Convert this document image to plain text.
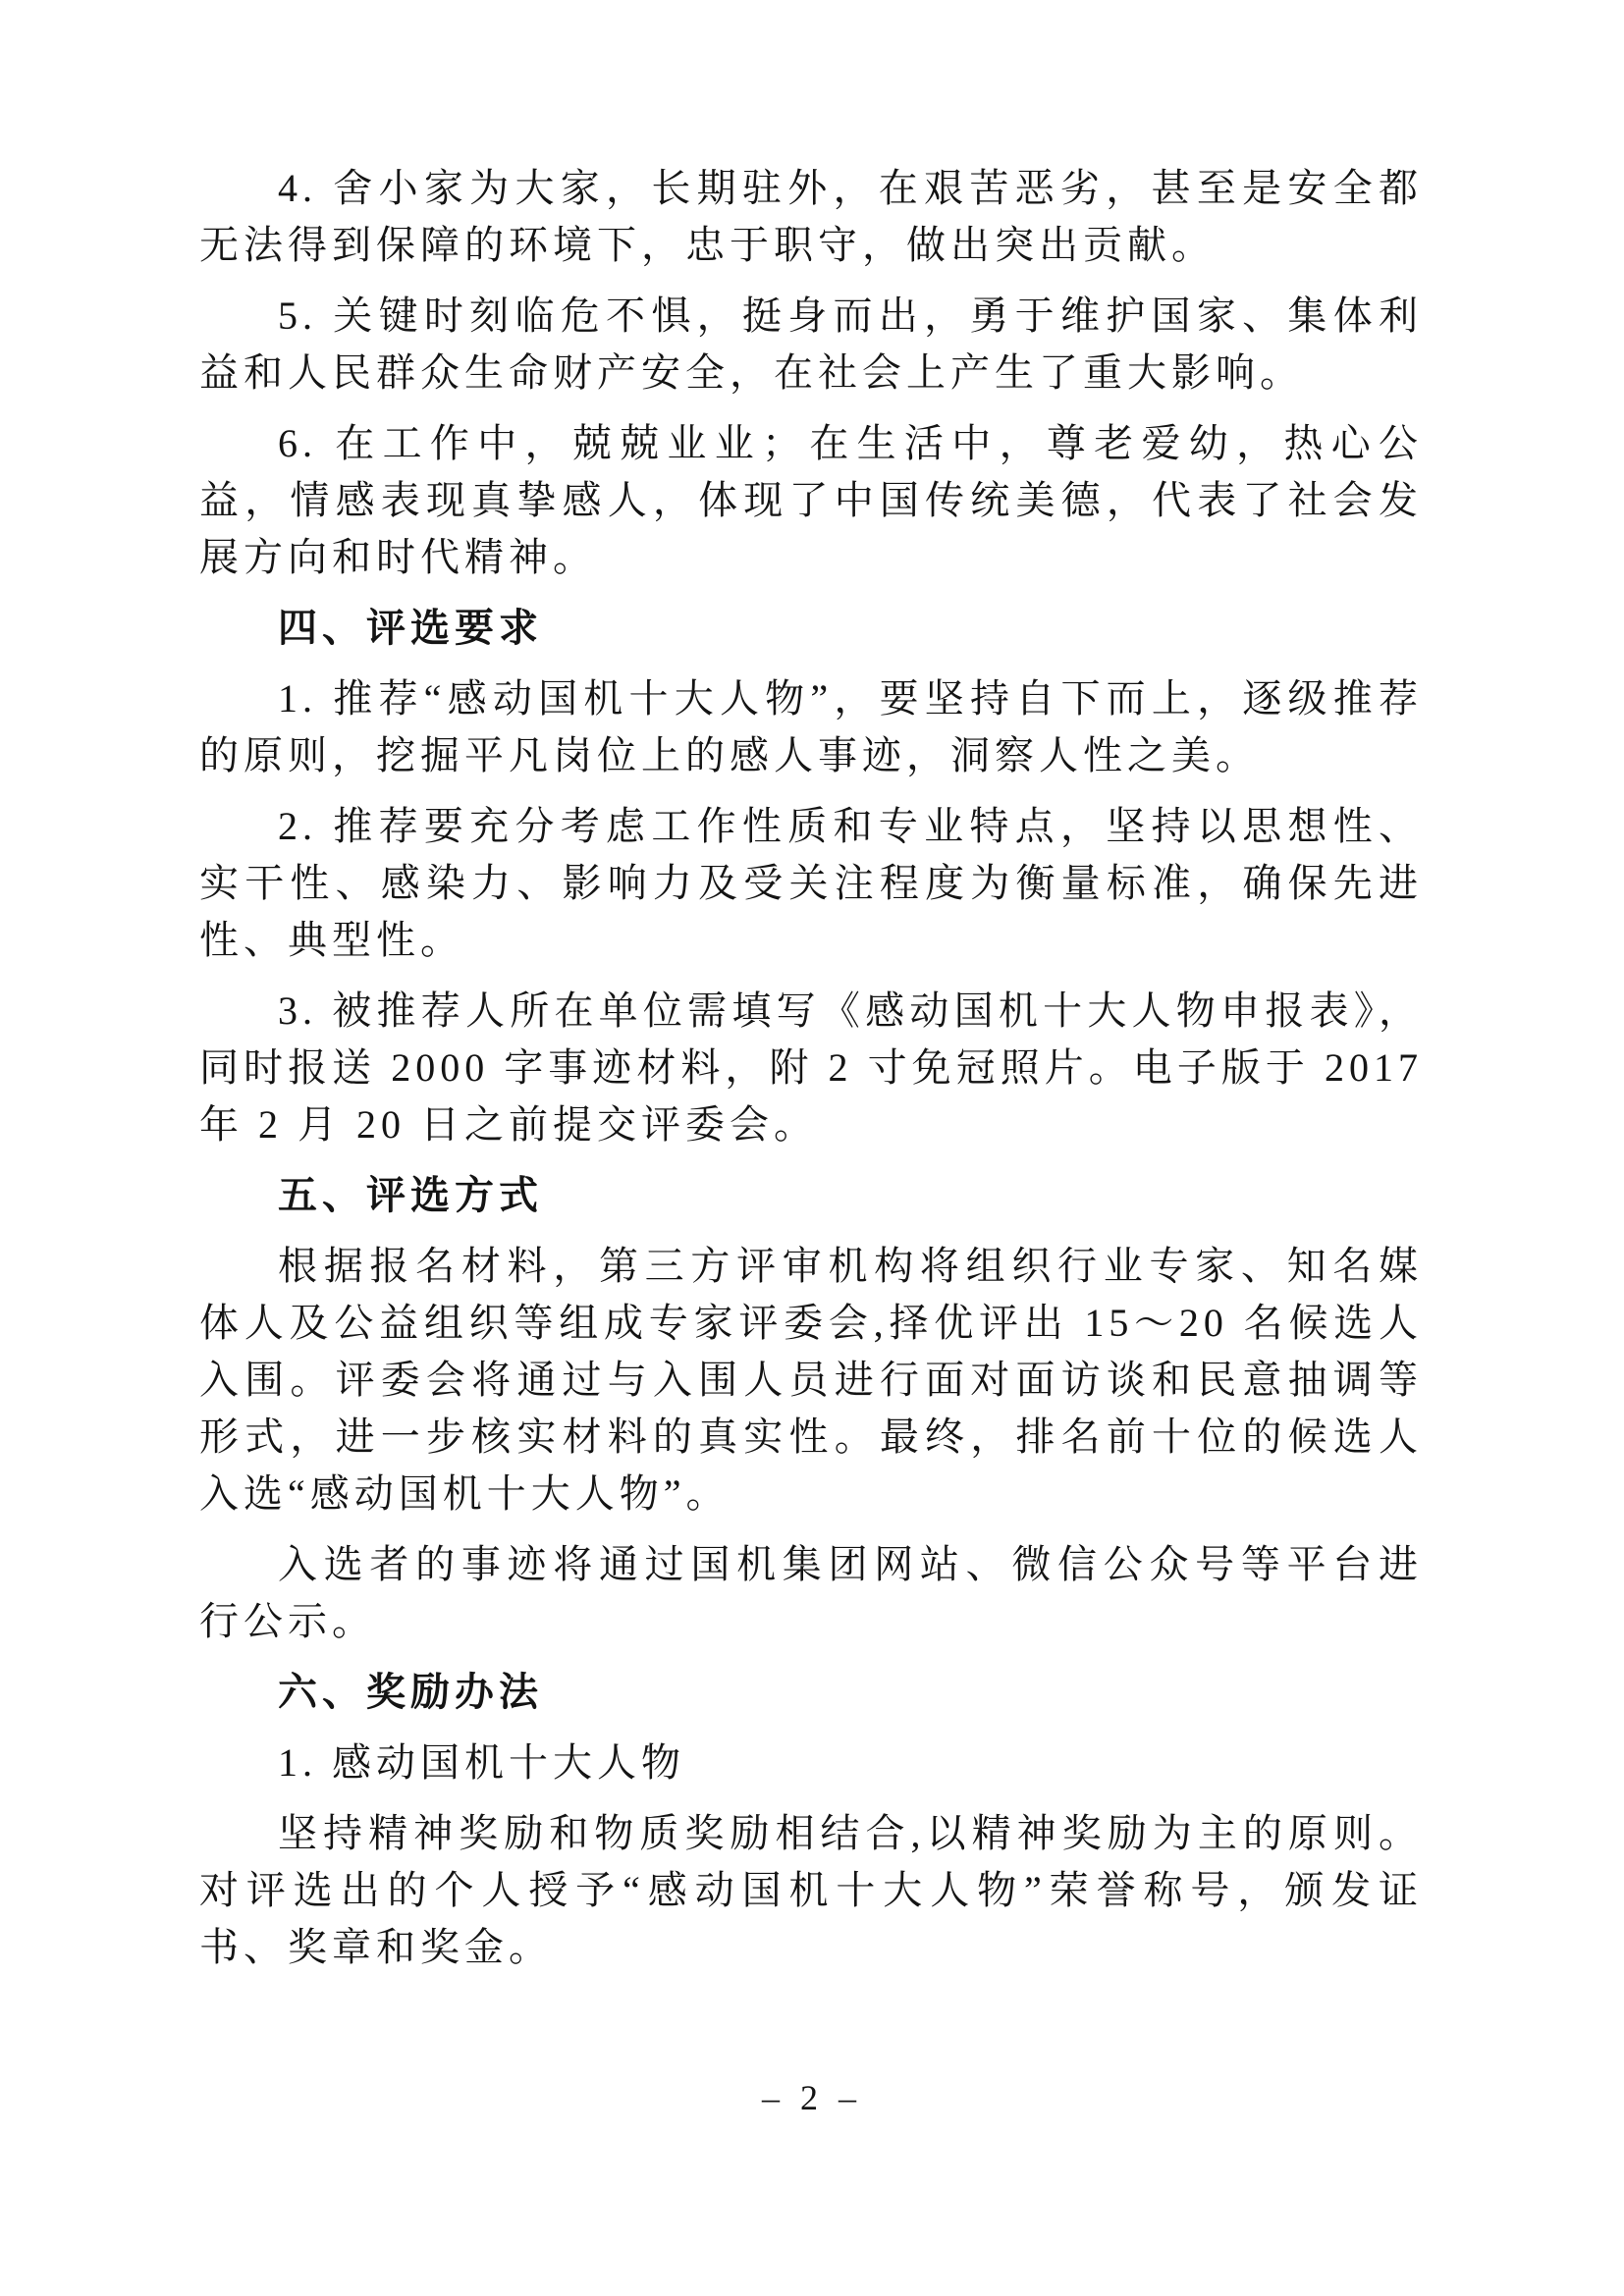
4. 舍小家为大家，长期驻外，在艰苦恶劣，甚至是安全都无法得到保障的环境下，忠于职守，做出突出贡献。

5. 关键时刻临危不惧，挺身而出，勇于维护国家、集体利益和人民群众生命财产安全，在社会上产生了重大影响。

6. 在工作中，兢兢业业；在生活中，尊老爱幼，热心公益，情感表现真挚感人，体现了中国传统美德，代表了社会发展方向和时代精神。

四、评选要求

1. 推荐“感动国机十大人物”，要坚持自下而上，逐级推荐的原则，挖掘平凡岗位上的感人事迹，洞察人性之美。

2. 推荐要充分考虑工作性质和专业特点，坚持以思想性、实干性、感染力、影响力及受关注程度为衡量标准，确保先进性、典型性。

3. 被推荐人所在单位需填写《感动国机十大人物申报表》，同时报送 2000 字事迹材料，附 2 寸免冠照片。电子版于 2017 年 2 月 20 日之前提交评委会。

五、评选方式

根据报名材料，第三方评审机构将组织行业专家、知名媒体人及公益组织等组成专家评委会,择优评出 15～20 名候选人入围。评委会将通过与入围人员进行面对面访谈和民意抽调等形式，进一步核实材料的真实性。最终，排名前十位的候选人入选“感动国机十大人物”。

入选者的事迹将通过国机集团网站、微信公众号等平台进行公示。

六、奖励办法

1. 感动国机十大人物

坚持精神奖励和物质奖励相结合,以精神奖励为主的原则。对评选出的个人授予“感动国机十大人物”荣誉称号，颁发证书、奖章和奖金。

– 2 –
